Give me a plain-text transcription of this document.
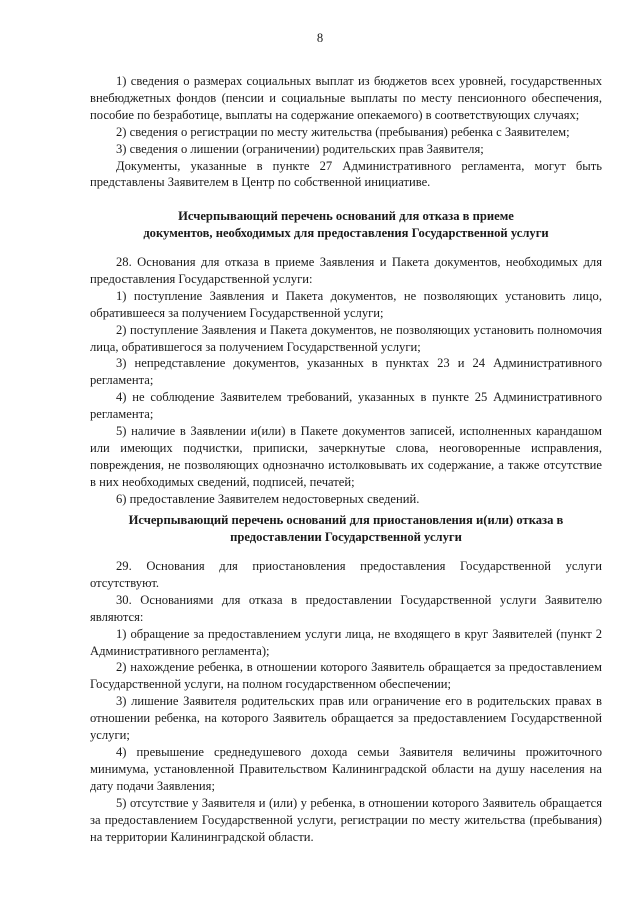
8

1) сведения о размерах социальных выплат из бюджетов всех уровней, государственных внебюджетных фондов (пенсии и социальные выплаты по месту пенсионного обеспечения, пособие по безработице, выплаты на содержание опекаемого) в соответствующих случаях;

2) сведения о регистрации по месту жительства (пребывания) ребенка с Заявителем;

3) сведения о лишении (ограничении) родительских прав Заявителя;

Документы, указанные в пункте 27 Административного регламента, могут быть представлены Заявителем в Центр по собственной инициативе.

Исчерпывающий перечень оснований для отказа в приеме

документов, необходимых для предоставления Государственной услуги

28. Основания для отказа в приеме Заявления и Пакета документов, необходимых для предоставления Государственной услуги:

1) поступление Заявления и Пакета документов, не позволяющих установить лицо, обратившееся за получением Государственной услуги;

2) поступление Заявления и Пакета документов, не позволяющих установить полномочия лица, обратившегося за получением Государственной услуги;

3) непредставление документов, указанных в пунктах 23 и 24 Административного регламента;

4) не соблюдение Заявителем требований, указанных в пункте 25 Административного регламента;

5) наличие в Заявлении и(или) в Пакете документов записей, исполненных карандашом или имеющих подчистки, приписки, зачеркнутые слова, неоговоренные исправления, повреждения, не позволяющих однозначно истолковывать их содержание, а также отсутствие в них необходимых сведений, подписей, печатей;

6) предоставление Заявителем недостоверных сведений.

Исчерпывающий перечень оснований для приостановления и(или) отказа в предоставлении Государственной услуги

29. Основания для приостановления предоставления Государственной услуги отсутствуют.

30. Основаниями для отказа в предоставлении Государственной услуги Заявителю являются:

1) обращение за предоставлением услуги лица, не входящего в круг Заявителей (пункт 2 Административного регламента);

2) нахождение ребенка, в отношении которого Заявитель обращается за предоставлением Государственной услуги, на полном государственном обеспечении;

3) лишение Заявителя родительских прав или ограничение его в родительских правах в отношении ребенка, на которого Заявитель обращается за предоставлением Государственной услуги;

4) превышение среднедушевого дохода семьи Заявителя величины прожиточного минимума, установленной Правительством Калининградской области на душу населения на дату подачи Заявления;

5) отсутствие у Заявителя и (или) у ребенка, в отношении которого Заявитель обращается за предоставлением Государственной услуги, регистрации по месту жительства (пребывания) на территории Калининградской области.
